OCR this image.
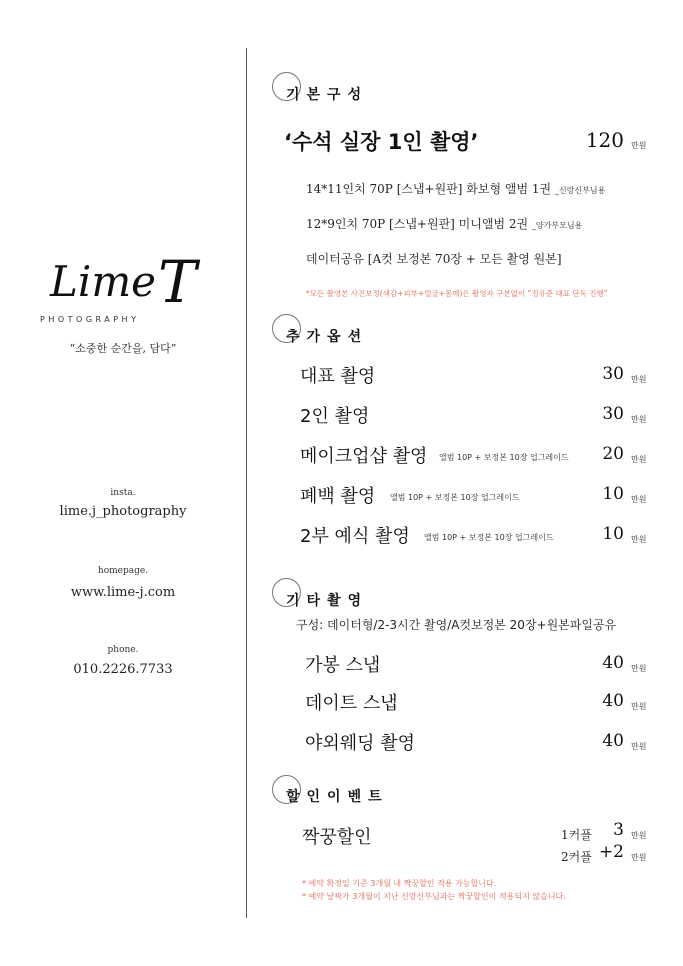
Lime T
PHOTOGRAPHY
“소중한 순간을, 담다”
insta.
lime.j_photography
homepage.
www.lime-j.com
phone.
010.2226.7733
기본구성
‘수석 실장 1인 촬영’	120 만원
14*11인치 70P [스냅+원판] 화보형 앨범 1권 _신랑신부님용
12*9인치 70P [스냅+원판] 미니앨범 2권 _양가부모님용
데이터공유 [A컷 보정본 70장 + 모든 촬영 원본]
*모든 촬영본 사진보정(색감+피부+얼굴+몸매)은 촬영자 구분없이 “정유준 대표 단독 진행”
추가옵션
대표 촬영	30 만원
2인 촬영	30 만원
메이크업샵 촬영 앨범 10P + 보정본 10장 업그레이드	20 만원
폐백 촬영 앨범 10P + 보정본 10장 업그레이드	10 만원
2부 예식 촬영 앨범 10P + 보정본 10장 업그레이드	10 만원
기타촬영
구성: 데이터형/2-3시간 촬영/A컷보정본 20장+원본파일공유
가봉 스냅	40 만원
데이트 스냅	40 만원
야외웨딩 촬영	40 만원
할인이벤트
짝꿍할인	1커플	3 만원
2커플 +2 만원
* 예약 확정일 기준 3개월 내 짝꿍할인 적용 가능합니다.
* 예약 날짜가 3개월이 지난 신랑신부님과는 짝꿍할인이 적용되지 않습니다.
